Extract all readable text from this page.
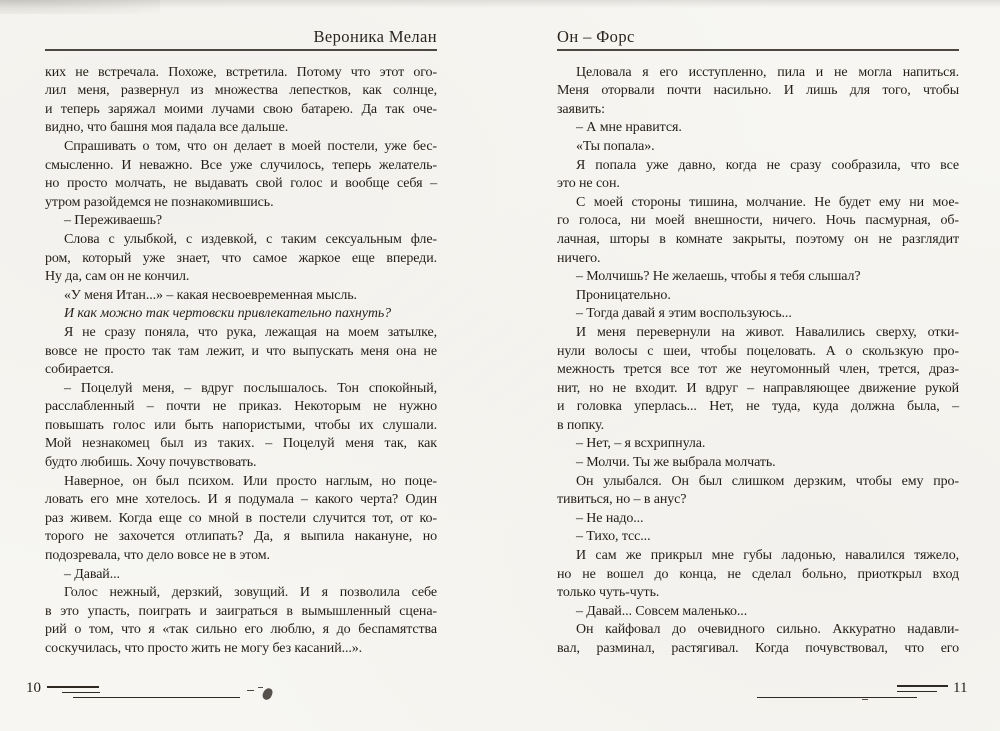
Вероника Мелан
ких не встречала. Похоже, встретила. Потому что этот ого-
лил меня, развернул из множества лепестков, как солнце,
и теперь заряжал моими лучами свою батарею. Да так оче-
видно, что башня моя падала все дальше.
Спрашивать о том, что он делает в моей постели, уже бес-
смысленно. И неважно. Все уже случилось, теперь желатель-
но просто молчать, не выдавать свой голос и вообще себя –
утром разойдемся не познакомившись.
– Переживаешь?
Слова с улыбкой, с издевкой, с таким сексуальным фле-
ром, который уже знает, что самое жаркое еще впереди.
Ну да, сам он не кончил.
«У меня Итан...» – какая несвоевременная мысль.
И как можно так чертовски привлекательно пахнуть?
Я не сразу поняла, что рука, лежащая на моем затылке,
вовсе не просто так там лежит, и что выпускать меня она не
собирается.
– Поцелуй меня, – вдруг послышалось. Тон спокойный,
расслабленный – почти не приказ. Некоторым не нужно
повышать голос или быть напористыми, чтобы их слушали.
Мой незнакомец был из таких. – Поцелуй меня так, как
будто любишь. Хочу почувствовать.
Наверное, он был психом. Или просто наглым, но поце-
ловать его мне хотелось. И я подумала – какого черта? Один
раз живем. Когда еще со мной в постели случится тот, от ко-
торого не захочется отлипать? Да, я выпила накануне, но
подозревала, что дело вовсе не в этом.
– Давай...
Голос нежный, дерзкий, зовущий. И я позволила себе
в это упасть, поиграть и заиграться в вымышленный сцена-
рий о том, что я «так сильно его люблю, я до беспамятства
соскучилась, что просто жить не могу без касаний...».
Он – Форс
Целовала я его исступленно, пила и не могла напиться.
Меня оторвали почти насильно. И лишь для того, чтобы
заявить:
– А мне нравится.
«Ты попала».
Я попала уже давно, когда не сразу сообразила, что все
это не сон.
С моей стороны тишина, молчание. Не будет ему ни мое-
го голоса, ни моей внешности, ничего. Ночь пасмурная, об-
лачная, шторы в комнате закрыты, поэтому он не разглядит
ничего.
– Молчишь? Не желаешь, чтобы я тебя слышал?
Проницательно.
– Тогда давай я этим воспользуюсь...
И меня перевернули на живот. Навалились сверху, отки-
нули волосы с шеи, чтобы поцеловать. А о скользкую про-
межность трется все тот же неугомонный член, трется, драз-
нит, но не входит. И вдруг – направляющее движение рукой
и головка уперлась... Нет, не туда, куда должна была, –
в попку.
– Нет, – я всхрипнула.
– Молчи. Ты же выбрала молчать.
Он улыбался. Он был слишком дерзким, чтобы ему про-
тивиться, но – в анус?
– Не надо...
– Тихо, тсс...
И сам же прикрыл мне губы ладонью, навалился тяжело,
но не вошел до конца, не сделал больно, приоткрыл вход
только чуть-чуть.
– Давай... Совсем маленько...
Он кайфовал до очевидного сильно. Аккуратно надавли-
вал, разминал, растягивал. Когда почувствовал, что его
10	11
